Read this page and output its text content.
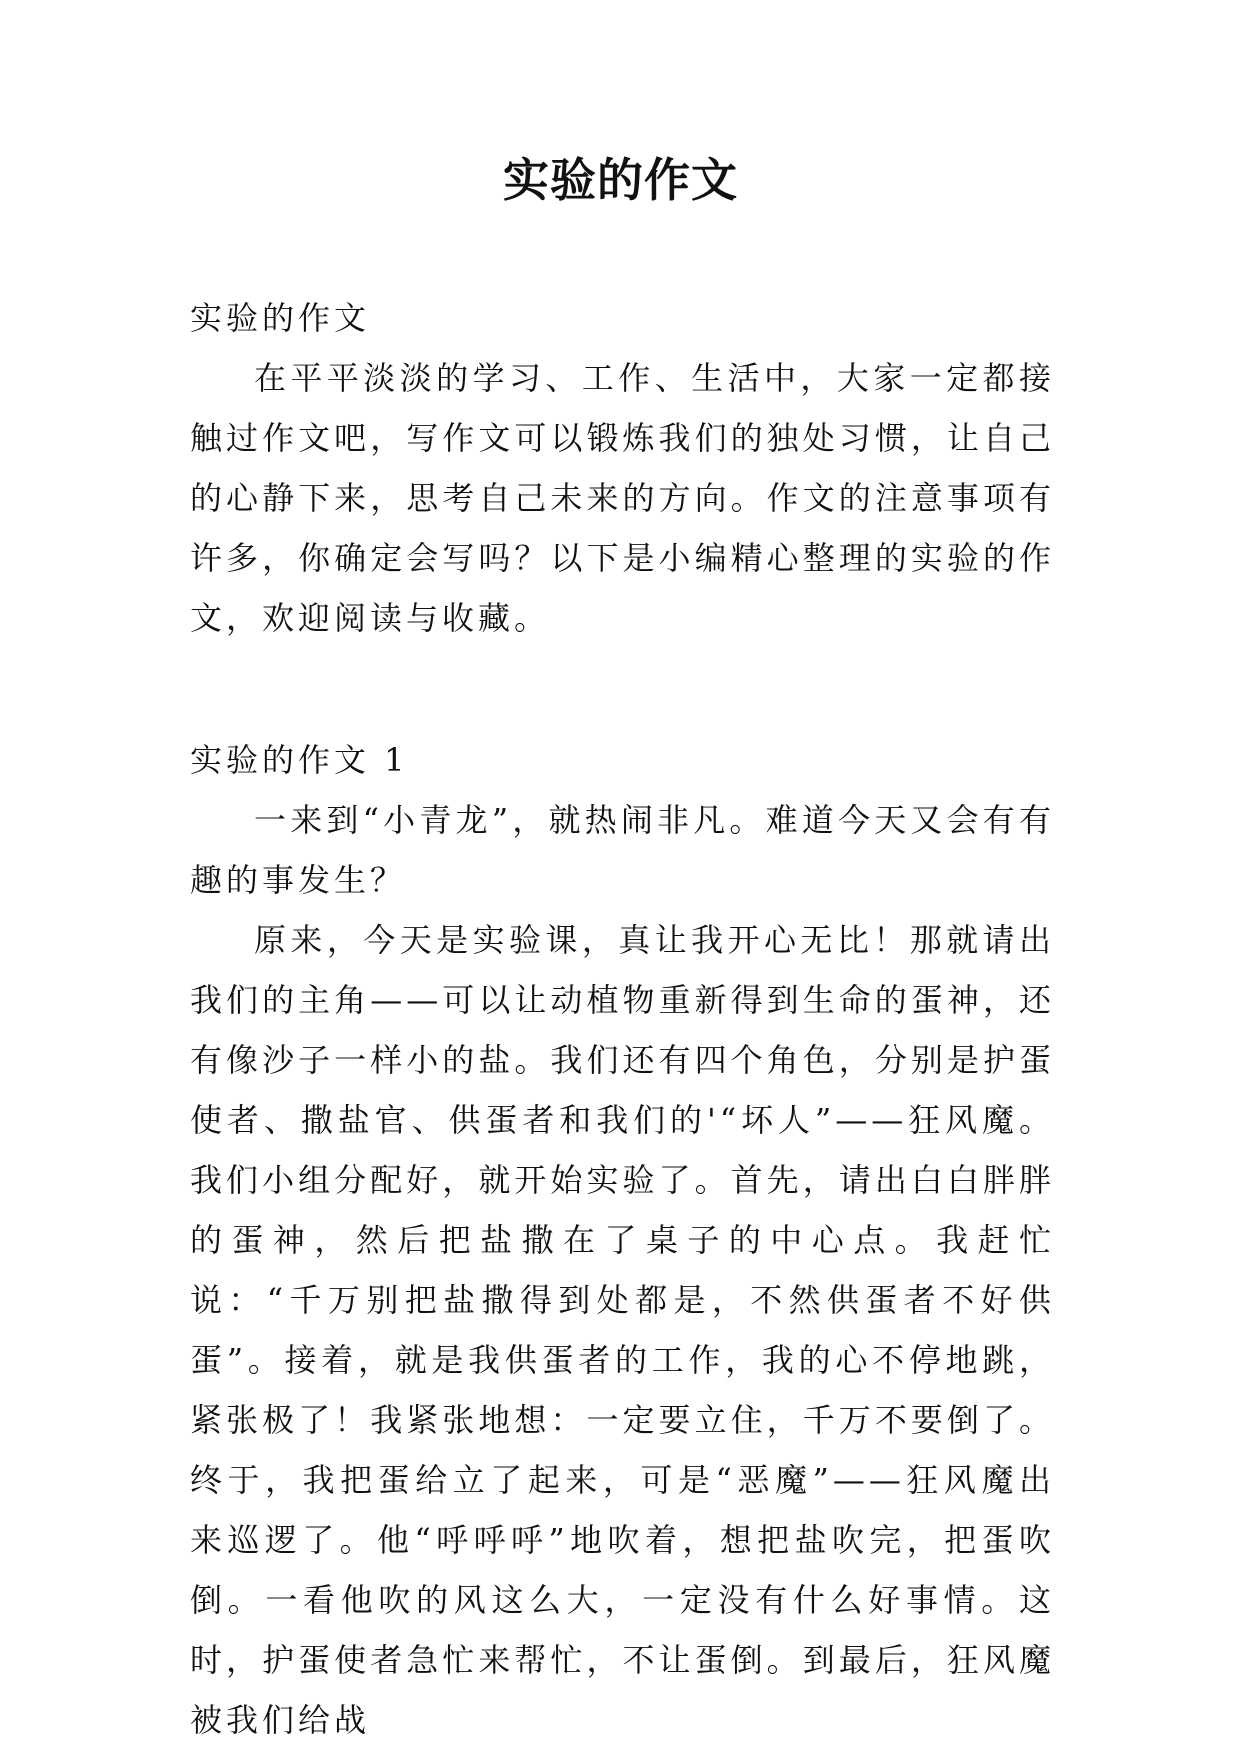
实验的作文

实验的作文

在平平淡淡的学习、工作、生活中，大家一定都接触过作文吧，写作文可以锻炼我们的独处习惯，让自己的心静下来，思考自己未来的方向。作文的注意事项有许多，你确定会写吗？以下是小编精心整理的实验的作文，欢迎阅读与收藏。

实验的作文 1

一来到“小青龙”，就热闹非凡。难道今天又会有有趣的事发生？

原来，今天是实验课，真让我开心无比！那就请出我们的主角——可以让动植物重新得到生命的蛋神，还有像沙子一样小的盐。我们还有四个角色，分别是护蛋使者、撒盐官、供蛋者和我们的'“坏人”——狂风魔。我们小组分配好，就开始实验了。首先，请出白白胖胖的蛋神，然后把盐撒在了桌子的中心点。我赶忙说：“千万别把盐撒得到处都是，不然供蛋者不好供蛋”。接着，就是我供蛋者的工作，我的心不停地跳，紧张极了！我紧张地想：一定要立住，千万不要倒了。终于，我把蛋给立了起来，可是“恶魔”——狂风魔出来巡逻了。他“呼呼呼”地吹着，想把盐吹完，把蛋吹倒。一看他吹的风这么大，一定没有什么好事情。这时，护蛋使者急忙来帮忙，不让蛋倒。到最后，狂风魔被我们给战
